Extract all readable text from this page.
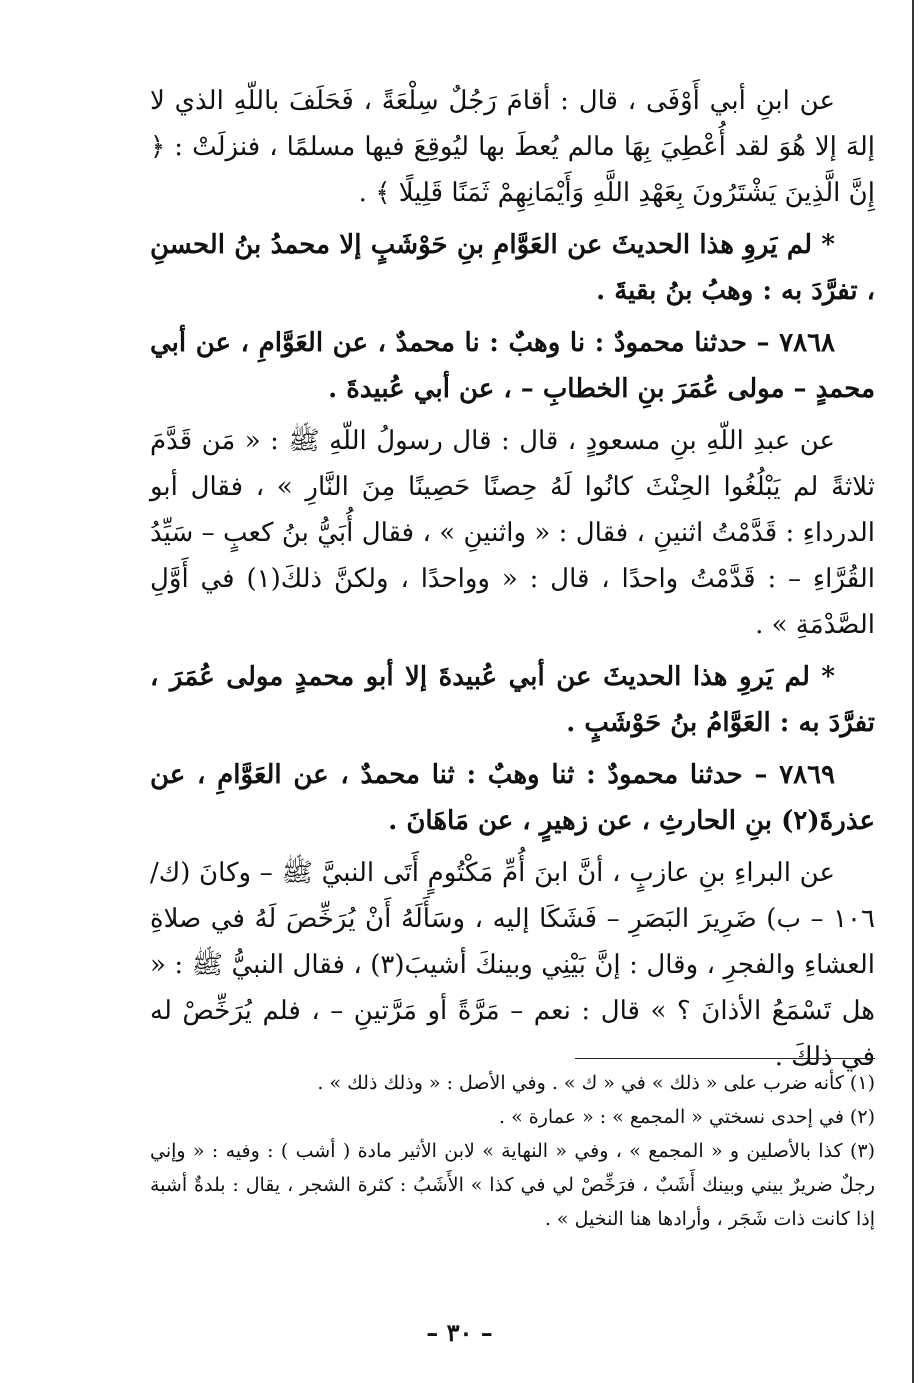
عن ابنِ أبي أَوْفَى ، قال : أقامَ رَجُلٌ سِلْعَةً ، فَحَلَفَ باللّهِ الذي لا إلهَ إلا هُوَ لقد أُعْطِيَ بِهَا مالم يُعطَ بها ليُوقِعَ فيها مسلمًا ، فنزلَتْ : ﴿ إِنَّ الَّذِينَ يَشْتَرُونَ بِعَهْدِ اللَّهِ وَأَيْمَانِهِمْ ثَمَنًا قَلِيلًا ﴾ .

* لم يَروِ هذا الحديثَ عن العَوَّامِ بنِ حَوْشَبٍ إلا محمدُ بنُ الحسنِ ، تفرَّدَ به : وهبُ بنُ بقيةَ .

٧٨٦٨ – حدثنا محمودٌ : نا وهبٌ : نا محمدٌ ، عن العَوَّامِ ، عن أبي محمدٍ – مولى عُمَرَ بنِ الخطابِ – ، عن أبي عُبيدةَ .

عن عبدِ اللّهِ بنِ مسعودٍ ، قال : قال رسولُ اللّهِ ﷺ : « مَن قَدَّمَ ثلاثةً لم يَبْلُغُوا الحِنْثَ كانُوا لَهُ حِصنًا حَصِينًا مِنَ النَّارِ » ، فقال أبو الدرداءِ : قَدَّمْتُ اثنينِ ، فقال : « واثنينِ » ، فقال أُبَيُّ بنُ كعبٍ – سَيِّدُ القُرَّاءِ – : قَدَّمْتُ واحدًا ، قال : « وواحدًا ، ولكنَّ ذلكَ(١) في أَوَّلِ الصَّدْمَةِ » .

* لم يَروِ هذا الحديثَ عن أبي عُبيدةَ إلا أبو محمدٍ مولى عُمَرَ ، تفرَّدَ به : العَوَّامُ بنُ حَوْشَبٍ .

٧٨٦٩ – حدثنا محمودٌ : ثنا وهبٌ : ثنا محمدٌ ، عن العَوَّامِ ، عن عذرةَ(٢) بنِ الحارثِ ، عن زهيرٍ ، عن مَاهَانَ .

عن البراءِ بنِ عازبٍ ، أنَّ ابنَ أُمِّ مَكْتُومٍ أَتَى النبيَّ ﷺ – وكانَ (ك/١٠٦ – ب) ضَرِيرَ البَصَرِ – فَشَكَا إليه ، وسَأَلَهُ أَنْ يُرَخِّصَ لَهُ في صلاةِ العشاءِ والفجرِ ، وقال : إنَّ بَيْنِي وبينكَ أشيبَ(٣) ، فقال النبيُّ ﷺ : « هل تَسْمَعُ الأذانَ ؟ » قال : نعم – مَرَّةً أو مَرَّتينِ – ، فلم يُرَخِّصْ له في ذلكَ .

(١) كأنه ضرب على « ذلك » في « ك » . وفي الأصل : « وذلك ذلك » .

(٢) في إحدى نسختي « المجمع » : « عمارة » .

(٣) كذا بالأصلين و « المجمع » ، وفي « النهاية » لابن الأثير مادة ( أشب ) : وفيه : « وإني رجلٌ ضريرٌ بيني وبينك أَشَبٌ ، فرَخِّصْ لي في كذا » الأَشَبُ : كثرة الشجر ، يقال : بلدةٌ أشبة إذا كانت ذات شَجَر ، وأرادها هنا النخيل » .

– ٣٠ –
